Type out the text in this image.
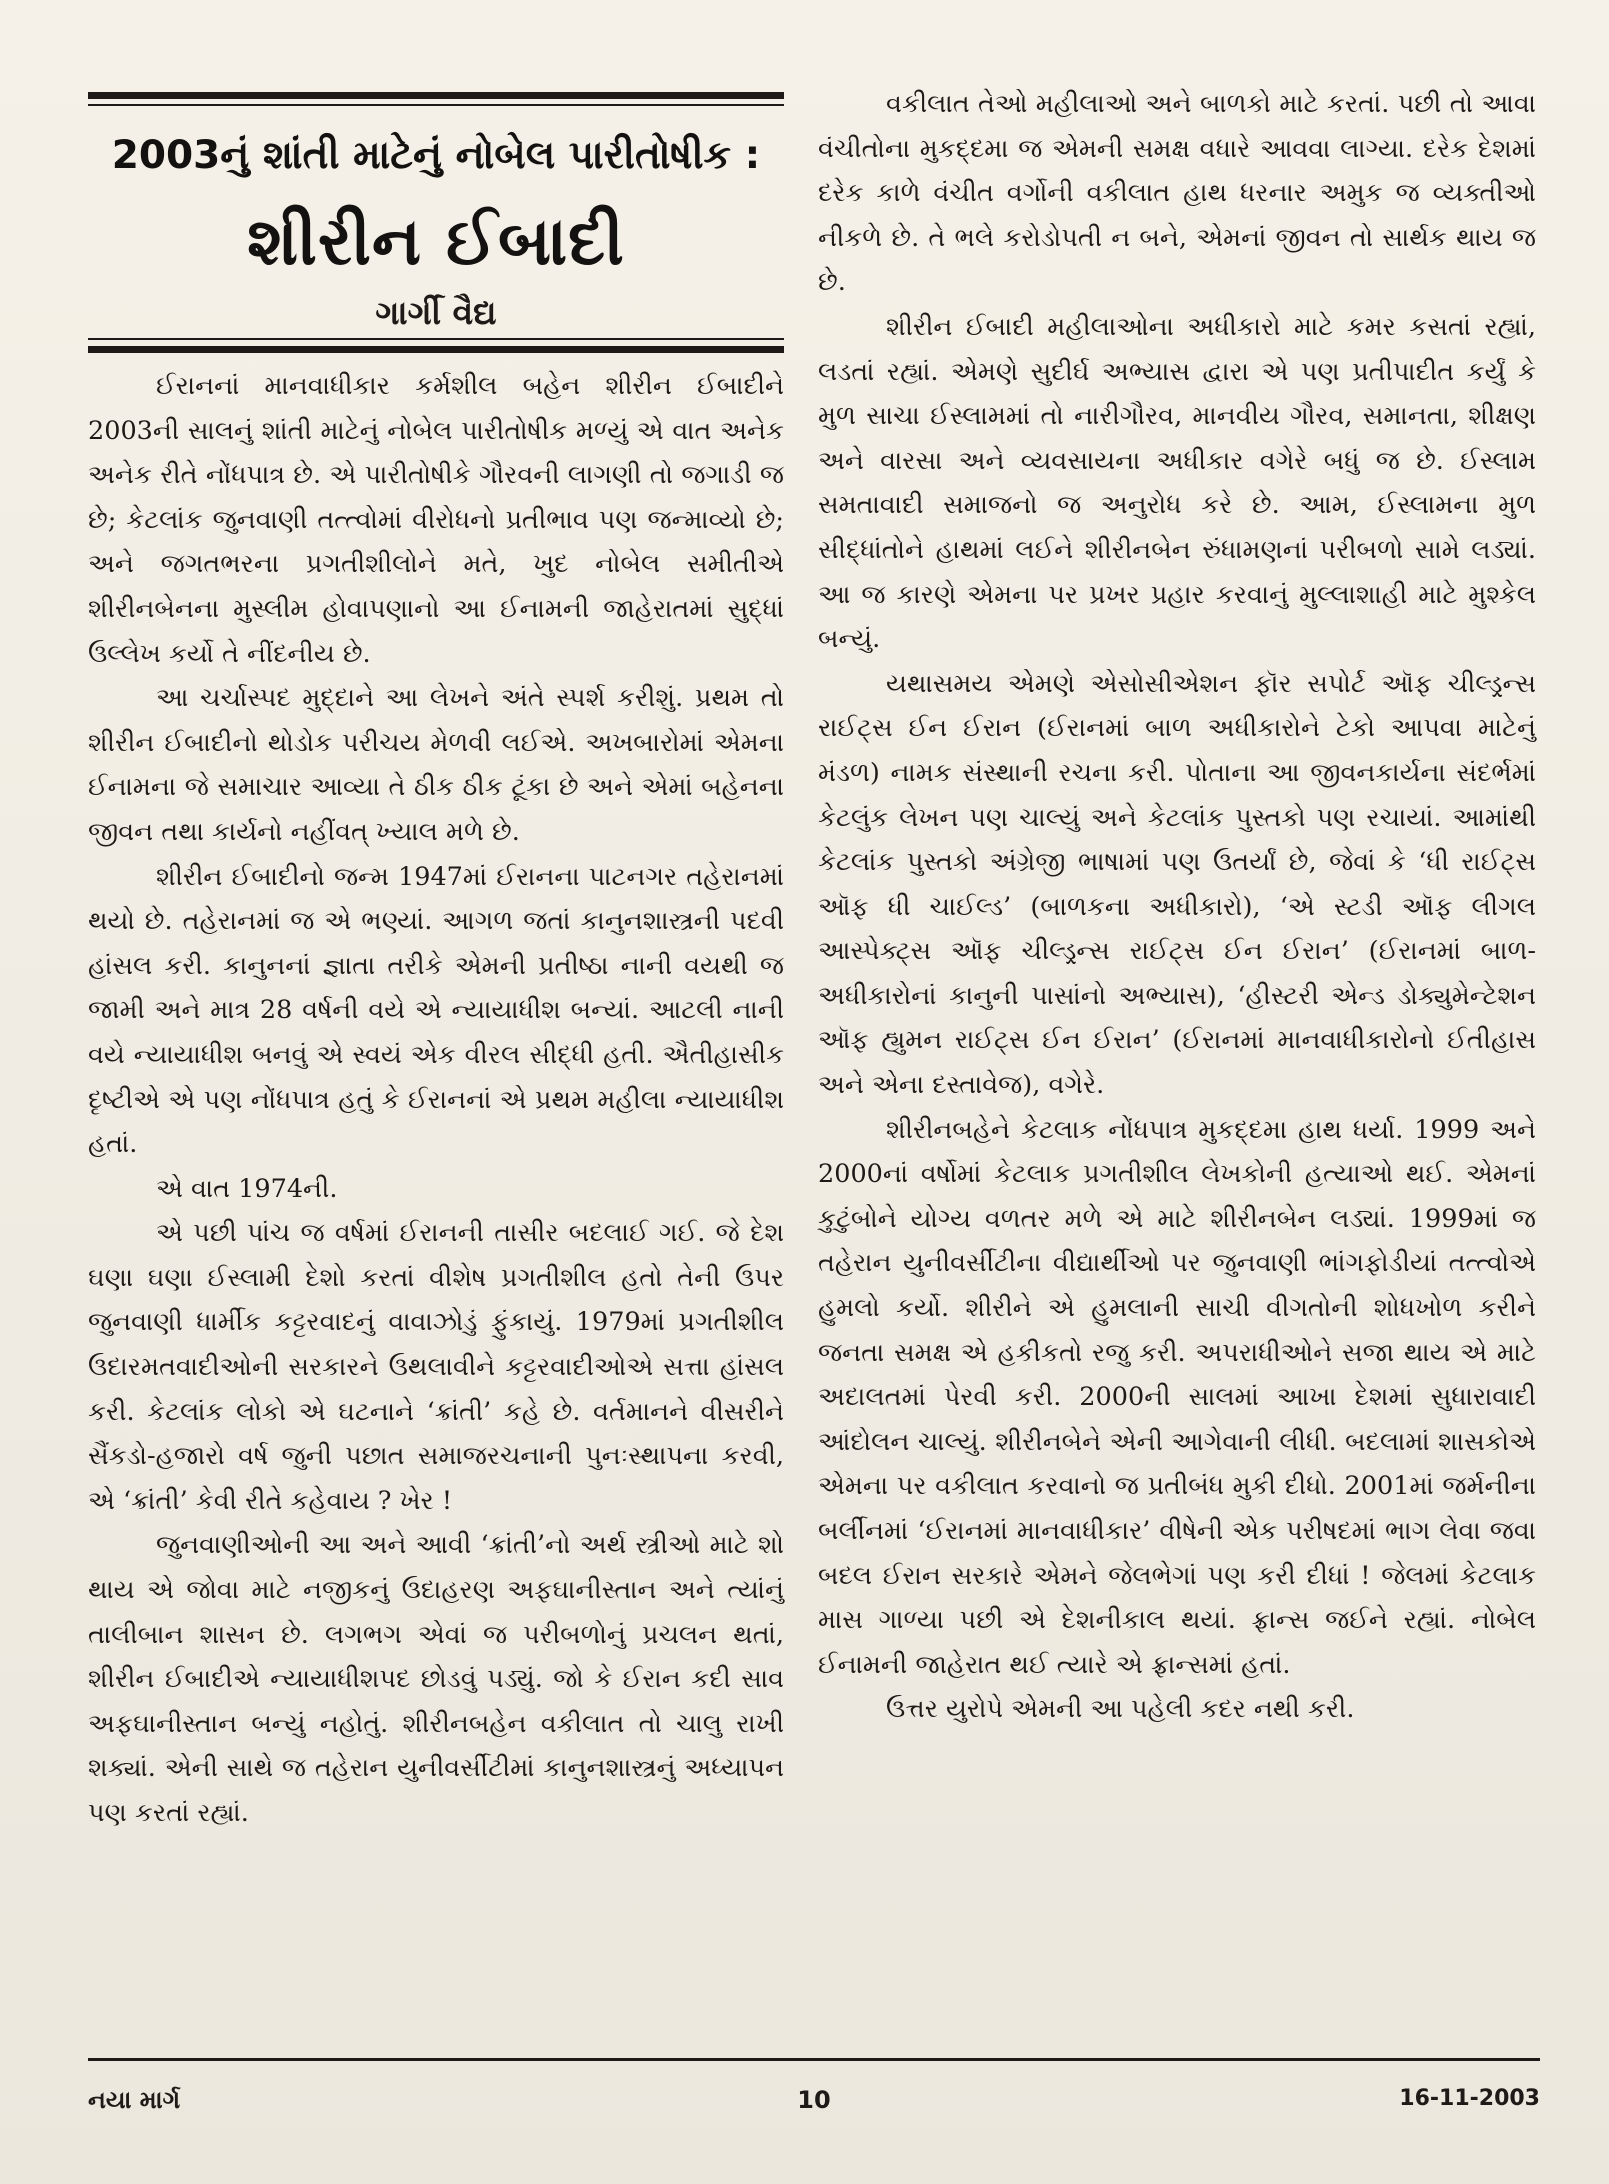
2003નું શાંતી માટેનું નોબેલ પારીતોષીક :
શીરીન ઈબાદી
ગાર્ગી વૈદ્ય

ઈરાનનાં માનવાધીકાર કર્મશીલ બહેન શીરીન ઈબાદીને 2003ની સાલનું શાંતી માટેનું નોબેલ પારીતોષીક મળ્યું એ વાત અનેક અનેક રીતે નોંધપાત્ર છે. એ પારીતોષીકે ગૌરવની લાગણી તો જગાડી જ છે; કેટલાંક જુનવાણી તત્ત્વોમાં વીરોધનો પ્રતીભાવ પણ જન્માવ્યો છે; અને જગતભરના પ્રગતીશીલોને મતે, ખુદ નોબેલ સમીતીએ શીરીનબેનના મુસ્લીમ હોવાપણાનો આ ઈનામની જાહેરાતમાં સુદ્ધાં ઉલ્લેખ કર્યો તે નીંદનીય છે.

આ ચર્ચાસ્પદ મુદ્દાને આ લેખને અંતે સ્પર્શ કરીશું. પ્રથમ તો શીરીન ઈબાદીનો થોડોક પરીચય મેળવી લઈએ. અખબારોમાં એમના ઈનામના જે સમાચાર આવ્યા તે ઠીક ઠીક ટૂંકા છે અને એમાં બહેનના જીવન તથા કાર્યનો નહીંવત્ ખ્યાલ મળે છે.

શીરીન ઈબાદીનો જન્મ 1947માં ઈરાનના પાટનગર તહેરાનમાં થયો છે. તહેરાનમાં જ એ ભણ્યાં. આગળ જતાં કાનુનશાસ્ત્રની પદવી હાંસલ કરી. કાનુનનાં જ્ઞાતા તરીકે એમની પ્રતીષ્ઠા નાની વયથી જ જામી અને માત્ર 28 વર્ષની વયે એ ન્યાયાધીશ બન્યાં. આટલી નાની વયે ન્યાયાધીશ બનવું એ સ્વયં એક વીરલ સીદ્ધી હતી. ઐતીહાસીક દૃષ્ટીએ એ પણ નોંધપાત્ર હતું કે ઈરાનનાં એ પ્રથમ મહીલા ન્યાયાધીશ હતાં.

એ વાત 1974ની.

એ પછી પાંચ જ વર્ષમાં ઈરાનની તાસીર બદલાઈ ગઈ. જે દેશ ઘણા ઘણા ઈસ્લામી દેશો કરતાં વીશેષ પ્રગતીશીલ હતો તેની ઉપર જુનવાણી ધાર્મીક કટ્ટરવાદનું વાવાઝોડું ફુંકાયું. 1979માં પ્રગતીશીલ ઉદારમતવાદીઓની સરકારને ઉથલાવીને કટ્ટરવાદીઓએ સત્તા હાંસલ કરી. કેટલાંક લોકો એ ઘટનાને ‘ક્રાંતી’ કહે છે. વર્તમાનને વીસરીને સૈંકડો-હજારો વર્ષ જુની પછાત સમાજરચનાની પુનઃસ્થાપના કરવી, એ ‘ક્રાંતી’ કેવી રીતે કહેવાય ? ખેર !

જુનવાણીઓની આ અને આવી ‘ક્રાંતી’નો અર્થ સ્ત્રીઓ માટે શો થાય એ જોવા માટે નજીકનું ઉદાહરણ અફઘાનીસ્તાન અને ત્યાંનું તાલીબાન શાસન છે. લગભગ એવાં જ પરીબળોનું પ્રચલન થતાં, શીરીન ઈબાદીએ ન્યાયાધીશપદ છોડવું પડ્યું. જો કે ઈરાન કદી સાવ અફઘાનીસ્તાન બન્યું નહોતું. શીરીનબહેન વકીલાત તો ચાલુ રાખી શક્યાં. એની સાથે જ તહેરાન યુનીવર્સીટીમાં કાનુનશાસ્ત્રનું અધ્યાપન પણ કરતાં રહ્યાં.

વકીલાત તેઓ મહીલાઓ અને બાળકો માટે કરતાં. પછી તો આવા વંચીતોના મુકદ્દમા જ એમની સમક્ષ વધારે આવવા લાગ્યા. દરેક દેશમાં દરેક કાળે વંચીત વર્ગોની વકીલાત હાથ ધરનાર અમુક જ વ્યક્તીઓ નીકળે છે. તે ભલે કરોડોપતી ન બને, એમનાં જીવન તો સાર્થક થાય જ છે.

શીરીન ઈબાદી મહીલાઓના અધીકારો માટે કમર કસતાં રહ્યાં, લડતાં રહ્યાં. એમણે સુદીર્ઘ અભ્યાસ દ્વારા એ પણ પ્રતીપાદીત કર્યું કે મુળ સાચા ઈસ્લામમાં તો નારીગૌરવ, માનવીય ગૌરવ, સમાનતા, શીક્ષણ અને વારસા અને વ્યવસાયના અધીકાર વગેરે બધું જ છે. ઈસ્લામ સમતાવાદી સમાજનો જ અનુરોધ કરે છે. આમ, ઈસ્લામના મુળ સીદ્ધાંતોને હાથમાં લઈને શીરીનબેન રુંધામણનાં પરીબળો સામે લડ્યાં. આ જ કારણે એમના પર પ્રખર પ્રહાર કરવાનું મુલ્લાશાહી માટે મુશ્કેલ બન્યું.

યથાસમય એમણે એસોસીએશન ફૉર સપોર્ટ ઑફ ચીલ્ડ્રન્સ રાઈટ્સ ઈન ઈરાન (ઈરાનમાં બાળ અધીકારોને ટેકો આપવા માટેનું મંડળ) નામક સંસ્થાની રચના કરી. પોતાના આ જીવનકાર્યના સંદર્ભમાં કેટલુંક લેખન પણ ચાલ્યું અને કેટલાંક પુસ્તકો પણ રચાયાં. આમાંથી કેટલાંક પુસ્તકો અંગ્રેજી ભાષામાં પણ ઉતર્યાં છે, જેવાં કે ‘ધી રાઈટ્સ ઑફ ધી ચાઈલ્ડ’ (બાળકના અધીકારો), ‘એ સ્ટડી ઑફ લીગલ આસ્પેક્ટ્સ ઑફ ચીલ્ડ્રન્સ રાઈટ્સ ઈન ઈરાન’ (ઈરાનમાં બાળ-અધીકારોનાં કાનુની પાસાંનો અભ્યાસ), ‘હીસ્ટરી એન્ડ ડોક્યુમેન્ટેશન ઑફ હ્યુમન રાઈટ્સ ઈન ઈરાન’ (ઈરાનમાં માનવાધીકારોનો ઈતીહાસ અને એના દસ્તાવેજ), વગેરે.

શીરીનબહેને કેટલાક નોંધપાત્ર મુકદ્દમા હાથ ધર્યા. 1999 અને 2000નાં વર્ષોમાં કેટલાક પ્રગતીશીલ લેખકોની હત્યાઓ થઈ. એમનાં કુટુંબોને યોગ્ય વળતર મળે એ માટે શીરીનબેન લડ્યાં. 1999માં જ તહેરાન યુનીવર્સીટીના વીદ્યાર્થીઓ પર જુનવાણી ભાંગફોડીયાં તત્ત્વોએ હુમલો કર્યો. શીરીને એ હુમલાની સાચી વીગતોની શોધખોળ કરીને જનતા સમક્ષ એ હકીકતો રજુ કરી. અપરાધીઓને સજા થાય એ માટે અદાલતમાં પેરવી કરી. 2000ની સાલમાં આખા દેશમાં સુધારાવાદી આંદોલન ચાલ્યું. શીરીનબેને એની આગેવાની લીધી. બદલામાં શાસકોએ એમના પર વકીલાત કરવાનો જ પ્રતીબંધ મુકી દીધો. 2001માં જર્મનીના બર્લીનમાં ‘ઈરાનમાં માનવાધીકાર’ વીષેની એક પરીષદમાં ભાગ લેવા જવા બદલ ઈરાન સરકારે એમને જેલભેગાં પણ કરી દીધાં ! જેલમાં કેટલાક માસ ગાળ્યા પછી એ દેશનીકાલ થયાં. ફ્રાન્સ જઈને રહ્યાં. નોબેલ ઈનામની જાહેરાત થઈ ત્યારે એ ફ્રાન્સમાં હતાં.

ઉત્તર યુરોપે એમની આ પહેલી કદર નથી કરી.

નયા માર્ગ	10	16-11-2003
